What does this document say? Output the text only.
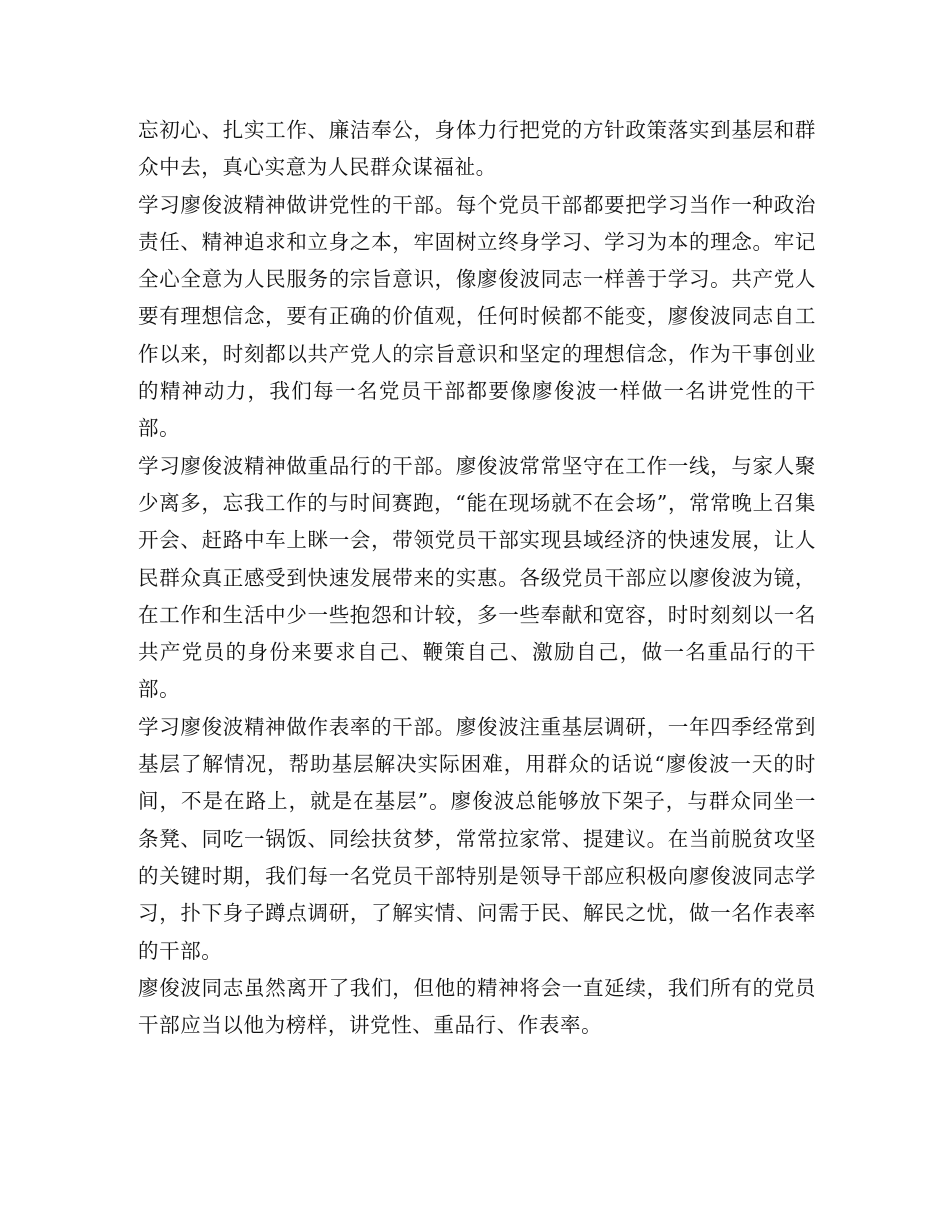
忘初心、扎实工作、廉洁奉公，身体力行把党的方针政策落实到基层和群众中去，真心实意为人民群众谋福祉。

学习廖俊波精神做讲党性的干部。每个党员干部都要把学习当作一种政治责任、精神追求和立身之本，牢固树立终身学习、学习为本的理念。牢记全心全意为人民服务的宗旨意识，像廖俊波同志一样善于学习。共产党人要有理想信念，要有正确的价值观，任何时候都不能变，廖俊波同志自工作以来，时刻都以共产党人的宗旨意识和坚定的理想信念，作为干事创业的精神动力，我们每一名党员干部都要像廖俊波一样做一名讲党性的干部。

学习廖俊波精神做重品行的干部。廖俊波常常坚守在工作一线，与家人聚少离多，忘我工作的与时间赛跑，“能在现场就不在会场”，常常晚上召集开会、赶路中车上眯一会，带领党员干部实现县域经济的快速发展，让人民群众真正感受到快速发展带来的实惠。各级党员干部应以廖俊波为镜，在工作和生活中少一些抱怨和计较，多一些奉献和宽容，时时刻刻以一名共产党员的身份来要求自己、鞭策自己、激励自己，做一名重品行的干部。

学习廖俊波精神做作表率的干部。廖俊波注重基层调研，一年四季经常到基层了解情况，帮助基层解决实际困难，用群众的话说“廖俊波一天的时间，不是在路上，就是在基层”。廖俊波总能够放下架子，与群众同坐一条凳、同吃一锅饭、同绘扶贫梦，常常拉家常、提建议。在当前脱贫攻坚的关键时期，我们每一名党员干部特别是领导干部应积极向廖俊波同志学习，扑下身子蹲点调研，了解实情、问需于民、解民之忧，做一名作表率的干部。

廖俊波同志虽然离开了我们，但他的精神将会一直延续，我们所有的党员干部应当以他为榜样，讲党性、重品行、作表率。
